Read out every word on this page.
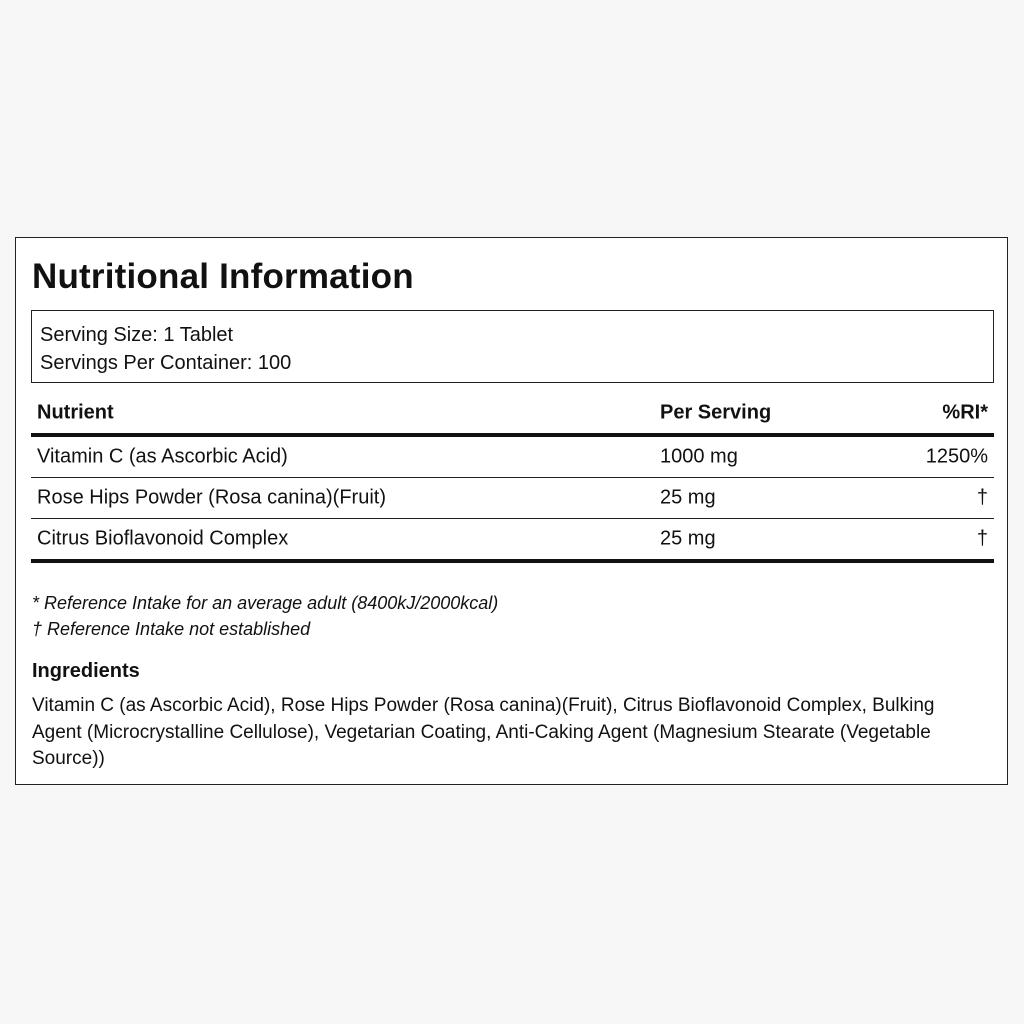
Nutritional Information
Serving Size: 1 Tablet
Servings Per Container: 100
Nutrient	Per Serving	%RI*
Vitamin C (as Ascorbic Acid)	1000 mg	1250%
Rose Hips Powder (Rosa canina)(Fruit)	25 mg	†
Citrus Bioflavonoid Complex	25 mg	†
* Reference Intake for an average adult (8400kJ/2000kcal)
† Reference Intake not established
Ingredients
Vitamin C (as Ascorbic Acid), Rose Hips Powder (Rosa canina)(Fruit), Citrus Bioflavonoid Complex, Bulking Agent (Microcrystalline Cellulose), Vegetarian Coating, Anti-Caking Agent (Magnesium Stearate (Vegetable Source))
